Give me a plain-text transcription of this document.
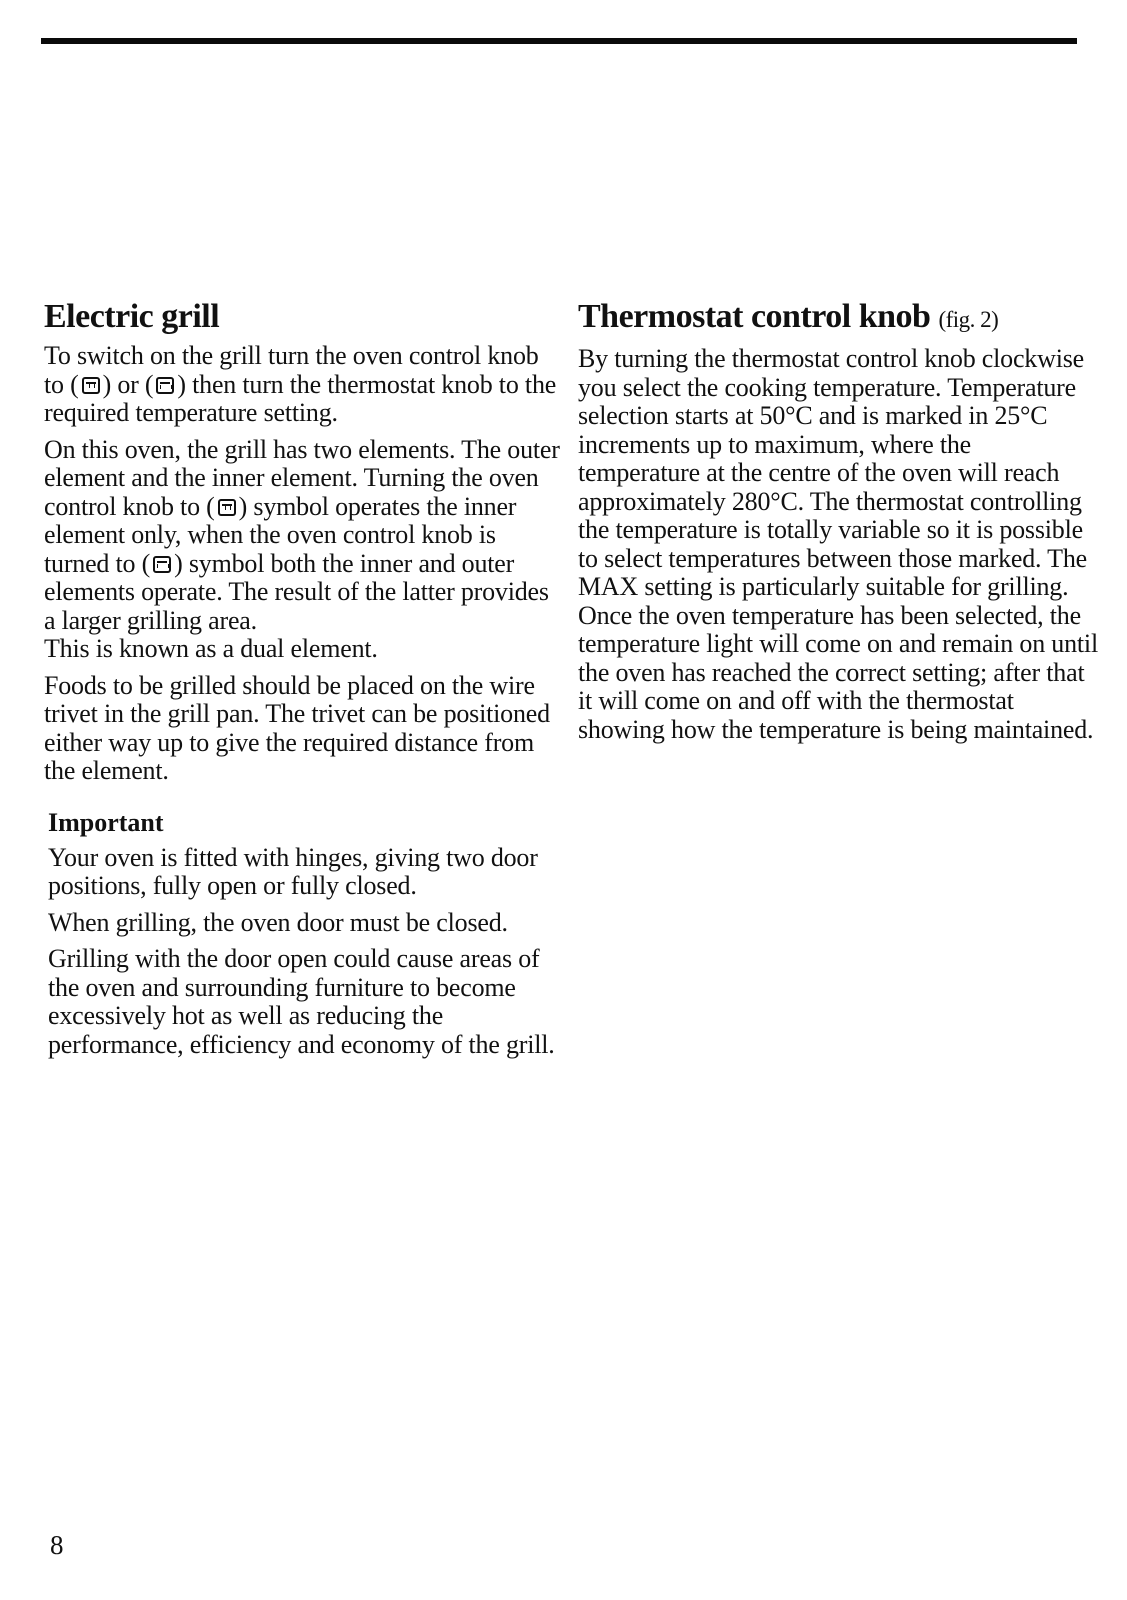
Electric grill

To switch on the grill turn the oven control knob to ( ) or ( ) then turn the thermostat knob to the required temperature setting.

On this oven, the grill has two elements. The outer element and the inner element. Turning the oven control knob to ( ) symbol operates the inner element only, when the oven control knob is turned to ( ) symbol both the inner and outer elements operate. The result of the latter provides a larger grilling area.

This is known as a dual element.

Foods to be grilled should be placed on the wire trivet in the grill pan. The trivet can be positioned either way up to give the required distance from the element.

Important

Your oven is fitted with hinges, giving two door positions, fully open or fully closed.

When grilling, the oven door must be closed.

Grilling with the door open could cause areas of the oven and surrounding furniture to become excessively hot as well as reducing the performance, efficiency and economy of the grill.

Thermostat control knob (fig. 2)

By turning the thermostat control knob clockwise you select the cooking temperature. Temperature selection starts at 50°C and is marked in 25°C increments up to maximum, where the temperature at the centre of the oven will reach approximately 280°C. The thermostat controlling the temperature is totally variable so it is possible to select temperatures between those marked. The MAX setting is particularly suitable for grilling. Once the oven temperature has been selected, the temperature light will come on and remain on until the oven has reached the correct setting; after that it will come on and off with the thermostat showing how the temperature is being maintained.

8
